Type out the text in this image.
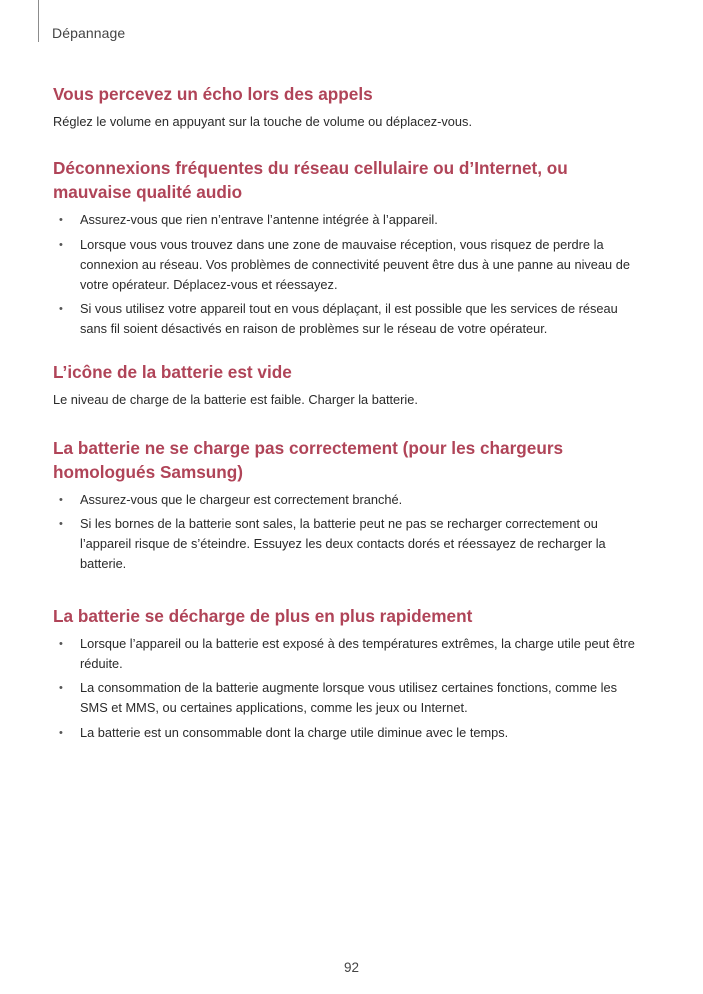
Dépannage
Vous percevez un écho lors des appels

Réglez le volume en appuyant sur la touche de volume ou déplacez-vous.

Déconnexions fréquentes du réseau cellulaire ou d’Internet, ou mauvaise qualité audio
• Assurez-vous que rien n’entrave l’antenne intégrée à l’appareil.
• Lorsque vous vous trouvez dans une zone de mauvaise réception, vous risquez de perdre la connexion au réseau. Vos problèmes de connectivité peuvent être dus à une panne au niveau de votre opérateur. Déplacez-vous et réessayez.
• Si vous utilisez votre appareil tout en vous déplaçant, il est possible que les services de réseau sans fil soient désactivés en raison de problèmes sur le réseau de votre opérateur.
L’icône de la batterie est vide

Le niveau de charge de la batterie est faible. Charger la batterie.

La batterie ne se charge pas correctement (pour les chargeurs homologués Samsung)
• Assurez-vous que le chargeur est correctement branché.
• Si les bornes de la batterie sont sales, la batterie peut ne pas se recharger correctement ou l’appareil risque de s’éteindre. Essuyez les deux contacts dorés et réessayez de recharger la batterie.
La batterie se décharge de plus en plus rapidement
• Lorsque l’appareil ou la batterie est exposé à des températures extrêmes, la charge utile peut être réduite.
• La consommation de la batterie augmente lorsque vous utilisez certaines fonctions, comme les SMS et MMS, ou certaines applications, comme les jeux ou Internet.
• La batterie est un consommable dont la charge utile diminue avec le temps.
92
